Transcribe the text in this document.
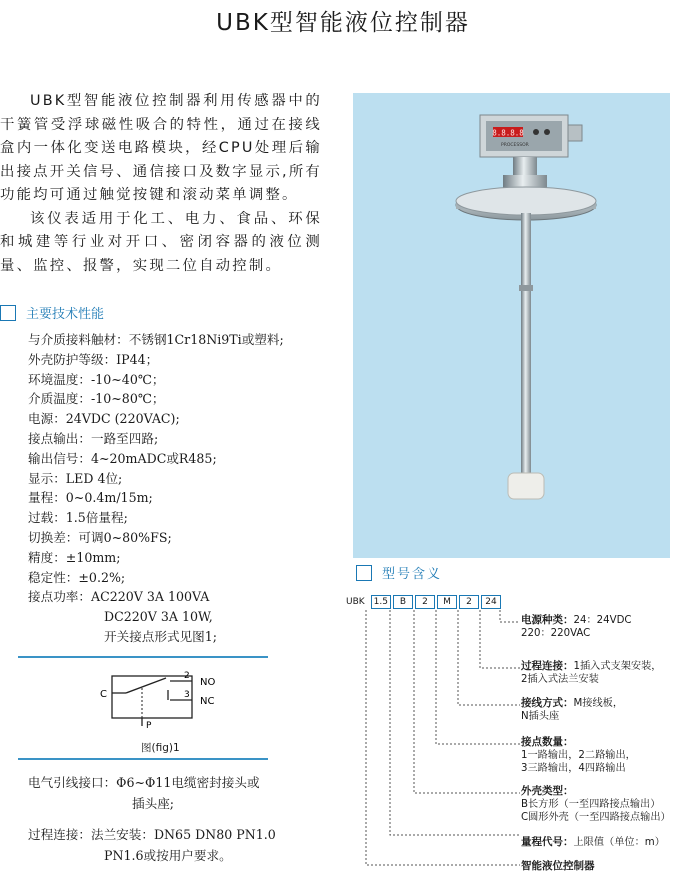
UBK型智能液位控制器

UBK型智能液位控制器利用传感器中的干簧管受浮球磁性吸合的特性，通过在接线盒内一体化变送电路模块，经CPU处理后输出接点开关信号、通信接口及数字显示,所有功能均可通过触觉按键和滚动菜单调整。

该仪表适用于化工、电力、食品、环保和城建等行业对开口、密闭容器的液位测量、监控、报警，实现二位自动控制。

主要技术性能
与介质接料触材：不锈钢1Cr18Ni9Ti或塑料;
外壳防护等级：IP44；
环境温度：-10~40℃；
介质温度：-10~80℃；
电源：24VDC (220VAC);
接点输出：一路至四路;
输出信号：4~20mADC或R485;
显示：LED 4位;
量程：0~0.4m/15m;
过载：1.5倍量程;
切换差：可调0~80%FS;
精度：±10mm;
稳定性：±0.2%;
接点功率：AC220V 3A 100VA
DC220V 3A 10W,
开关接点形式见图1;
C
2
3
NO
NC
P
图(fig)1
电气引线接口：Φ6~Φ11电缆密封接头或
插头座;
过程连接：法兰安装：DN65 DN80 PN1.0
PN1.6或按用户要求。
8.8.8.8
PROCESSOR
型号含义
UBK	1.5	B	2	M	2	24
电源种类：24：24VDC
220：220VAC
过程连接：1插入式支架安装，
2插入式法兰安装
接线方式：M接线板，
N插头座
接点数量：
1一路输出，2二路输出，
3三路输出，4四路输出
外壳类型：
B长方形（一至四路接点输出）
C圆形外壳（一至四路接点输出）
量程代号：上限值（单位：m）
智能液位控制器
